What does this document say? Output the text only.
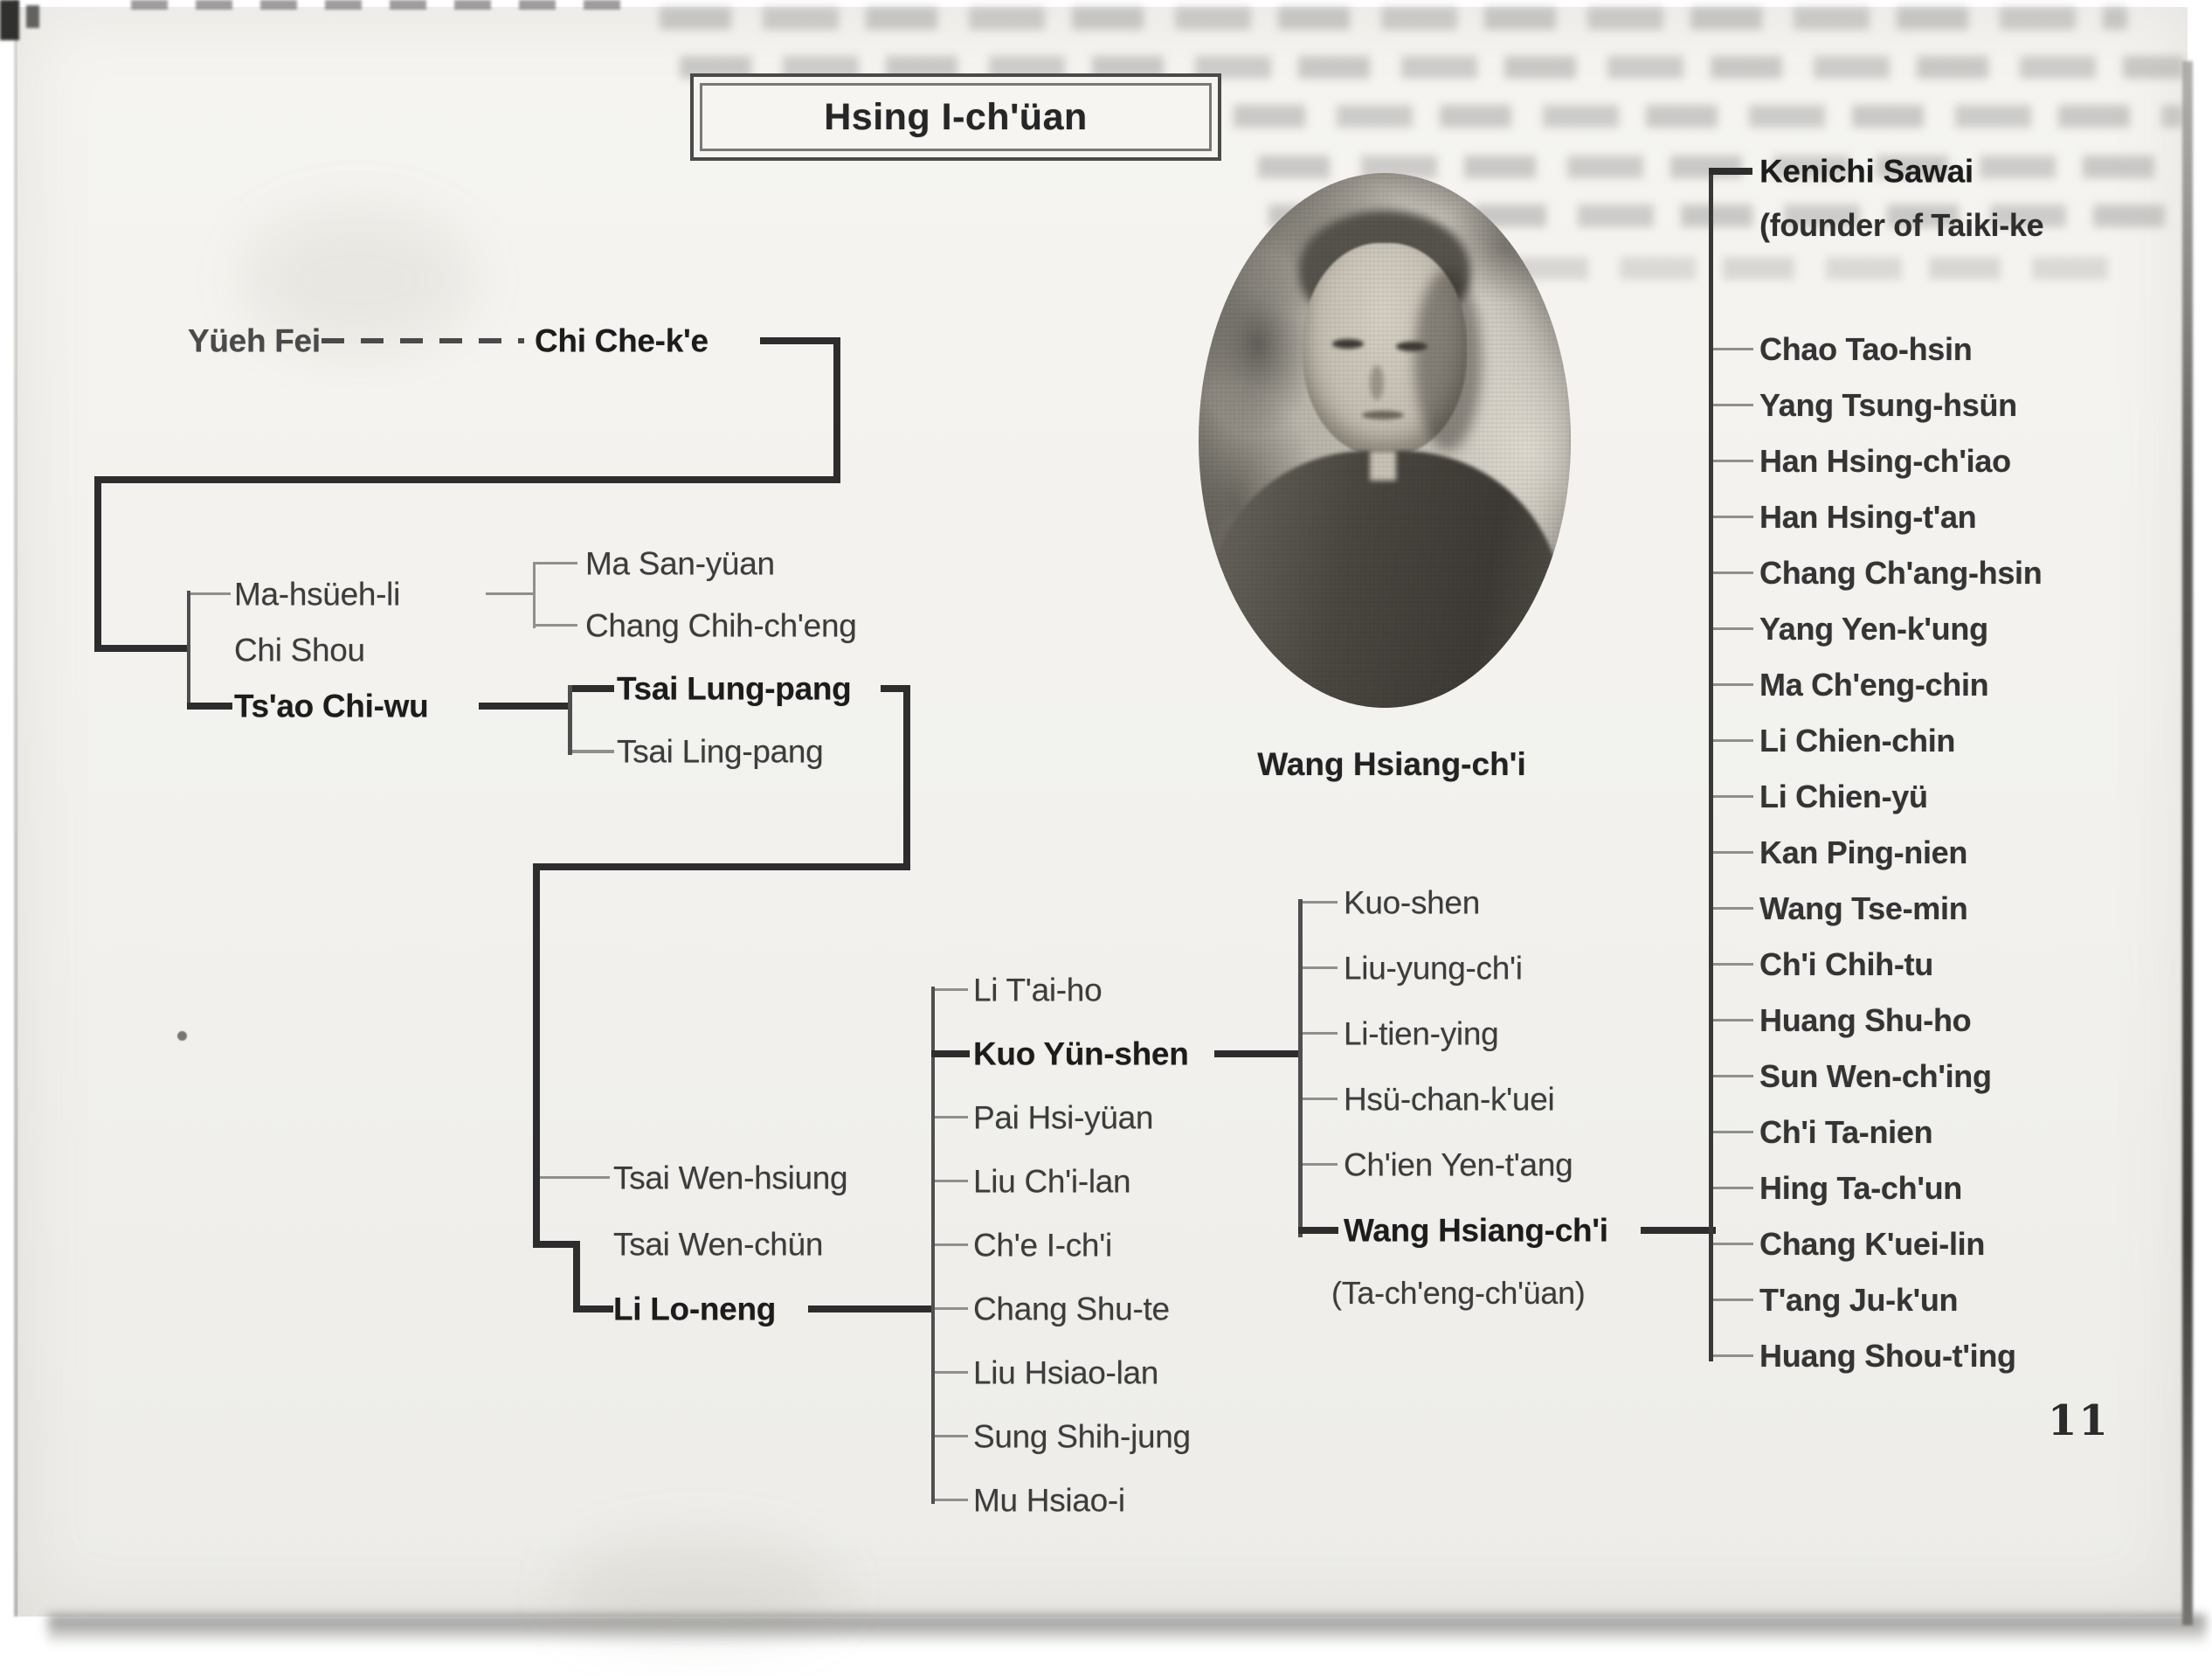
Hsing I-ch'üan
Yüeh Fei	Chi Che-k'e
Ma-hsüeh-li
Chi Shou
Ts'ao Chi-wu
Ma San-yüan
Chang Chih-ch'eng
Tsai Lung-pang
Tsai Ling-pang
Tsai Wen-hsiung
Tsai Wen-chün
Li Lo-neng
Li T'ai-ho
Kuo Yün-shen
Pai Hsi-yüan
Liu Ch'i-lan
Ch'e I-ch'i
Chang Shu-te
Liu Hsiao-lan
Sung Shih-jung
Mu Hsiao-i
Kuo-shen
Liu-yung-ch'i
Li-tien-ying
Hsü-chan-k'uei
Ch'ien Yen-t'ang
Wang Hsiang-ch'i
(Ta-ch'eng-ch'üan)
Kenichi Sawai
(founder of Taiki-ke
Chao Tao-hsin
Yang Tsung-hsün
Han Hsing-ch'iao
Han Hsing-t'an
Chang Ch'ang-hsin
Yang Yen-k'ung
Ma Ch'eng-chin
Li Chien-chin
Li Chien-yü
Kan Ping-nien
Wang Tse-min
Ch'i Chih-tu
Huang Shu-ho
Sun Wen-ch'ing
Ch'i Ta-nien
Hing Ta-ch'un
Chang K'uei-lin
T'ang Ju-k'un
Huang Shou-t'ing
Wang Hsiang-ch'i
11
